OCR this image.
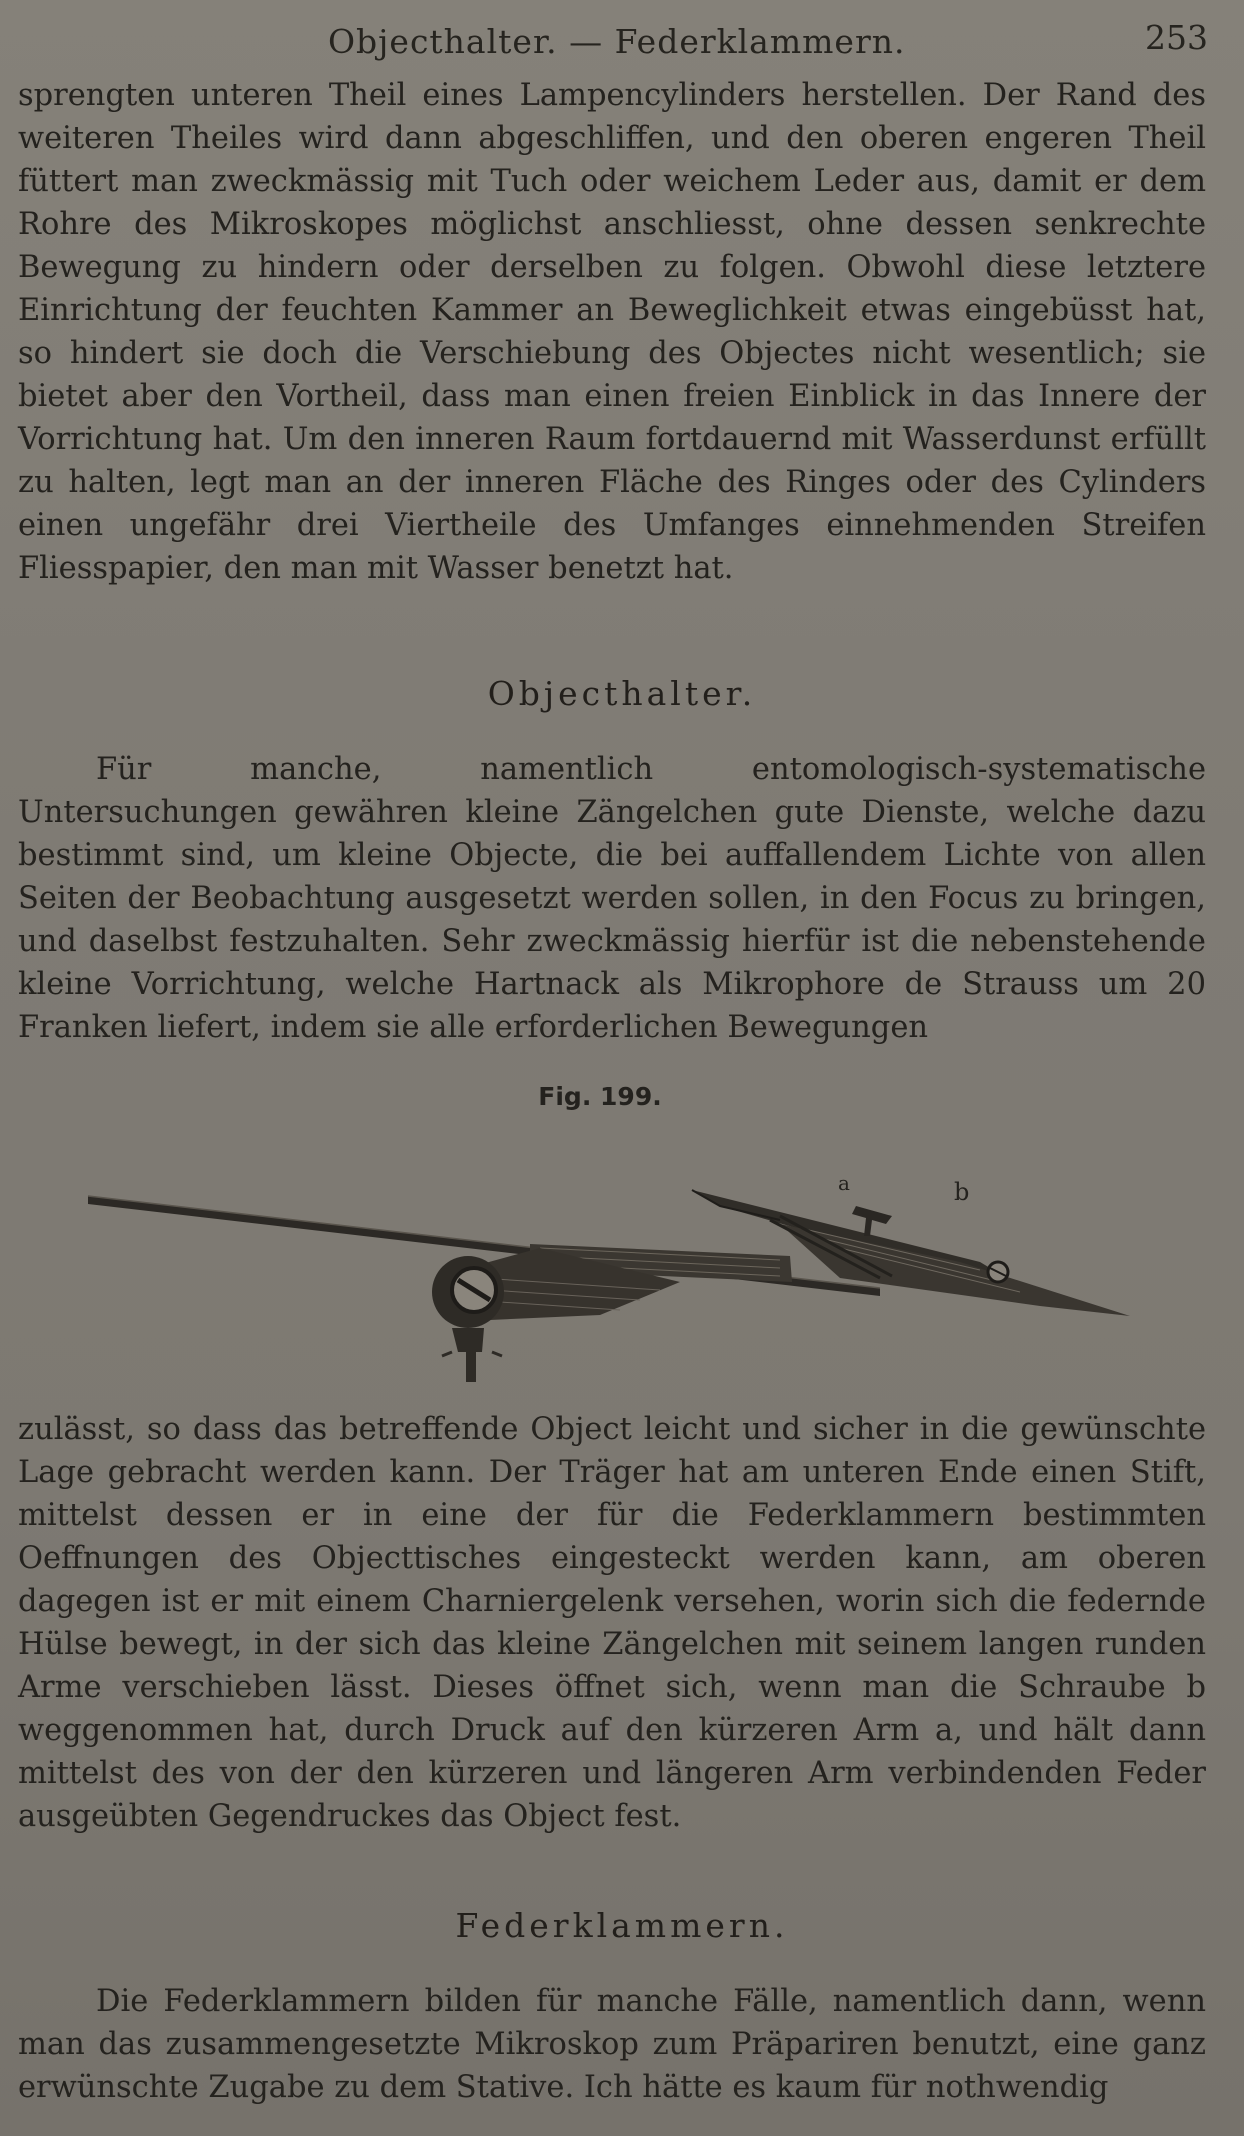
Objecthalter. — Federklammern.	253

sprengten unteren Theil eines Lampencylinders herstellen. Der Rand des weiteren Theiles wird dann abgeschliffen, und den oberen engeren Theil füttert man zweckmässig mit Tuch oder weichem Leder aus, damit er dem Rohre des Mikroskopes möglichst anschliesst, ohne dessen senkrechte Bewegung zu hindern oder derselben zu folgen. Obwohl diese letztere Einrichtung der feuchten Kammer an Beweglichkeit etwas eingebüsst hat, so hindert sie doch die Verschiebung des Objectes nicht wesentlich; sie bietet aber den Vortheil, dass man einen freien Einblick in das Innere der Vorrichtung hat. Um den inneren Raum fortdauernd mit Wasserdunst erfüllt zu halten, legt man an der inneren Fläche des Ringes oder des Cylinders einen ungefähr drei Viertheile des Umfanges einnehmenden Streifen Fliesspapier, den man mit Wasser benetzt hat.

Objecthalter.

Für manche, namentlich entomologisch-systematische Untersuchungen gewähren kleine Zängelchen gute Dienste, welche dazu bestimmt sind, um kleine Objecte, die bei auffallendem Lichte von allen Seiten der Beobachtung ausgesetzt werden sollen, in den Focus zu bringen, und daselbst festzuhalten. Sehr zweckmässig hierfür ist die nebenstehende kleine Vorrichtung, welche Hartnack als Mikrophore de Strauss um 20 Franken liefert, indem sie alle erforderlichen Bewegungen

Fig. 199.
a	b

zulässt, so dass das betreffende Object leicht und sicher in die gewünschte Lage gebracht werden kann. Der Träger hat am unteren Ende einen Stift, mittelst dessen er in eine der für die Federklammern bestimmten Oeffnungen des Objecttisches eingesteckt werden kann, am oberen dagegen ist er mit einem Charniergelenk versehen, worin sich die federnde Hülse bewegt, in der sich das kleine Zängelchen mit seinem langen runden Arme verschieben lässt. Dieses öffnet sich, wenn man die Schraube b weggenommen hat, durch Druck auf den kürzeren Arm a, und hält dann mittelst des von der den kürzeren und längeren Arm verbindenden Feder ausgeübten Gegendruckes das Object fest.

Federklammern.

Die Federklammern bilden für manche Fälle, namentlich dann, wenn man das zusammengesetzte Mikroskop zum Präpariren benutzt, eine ganz erwünschte Zugabe zu dem Stative. Ich hätte es kaum für nothwendig
